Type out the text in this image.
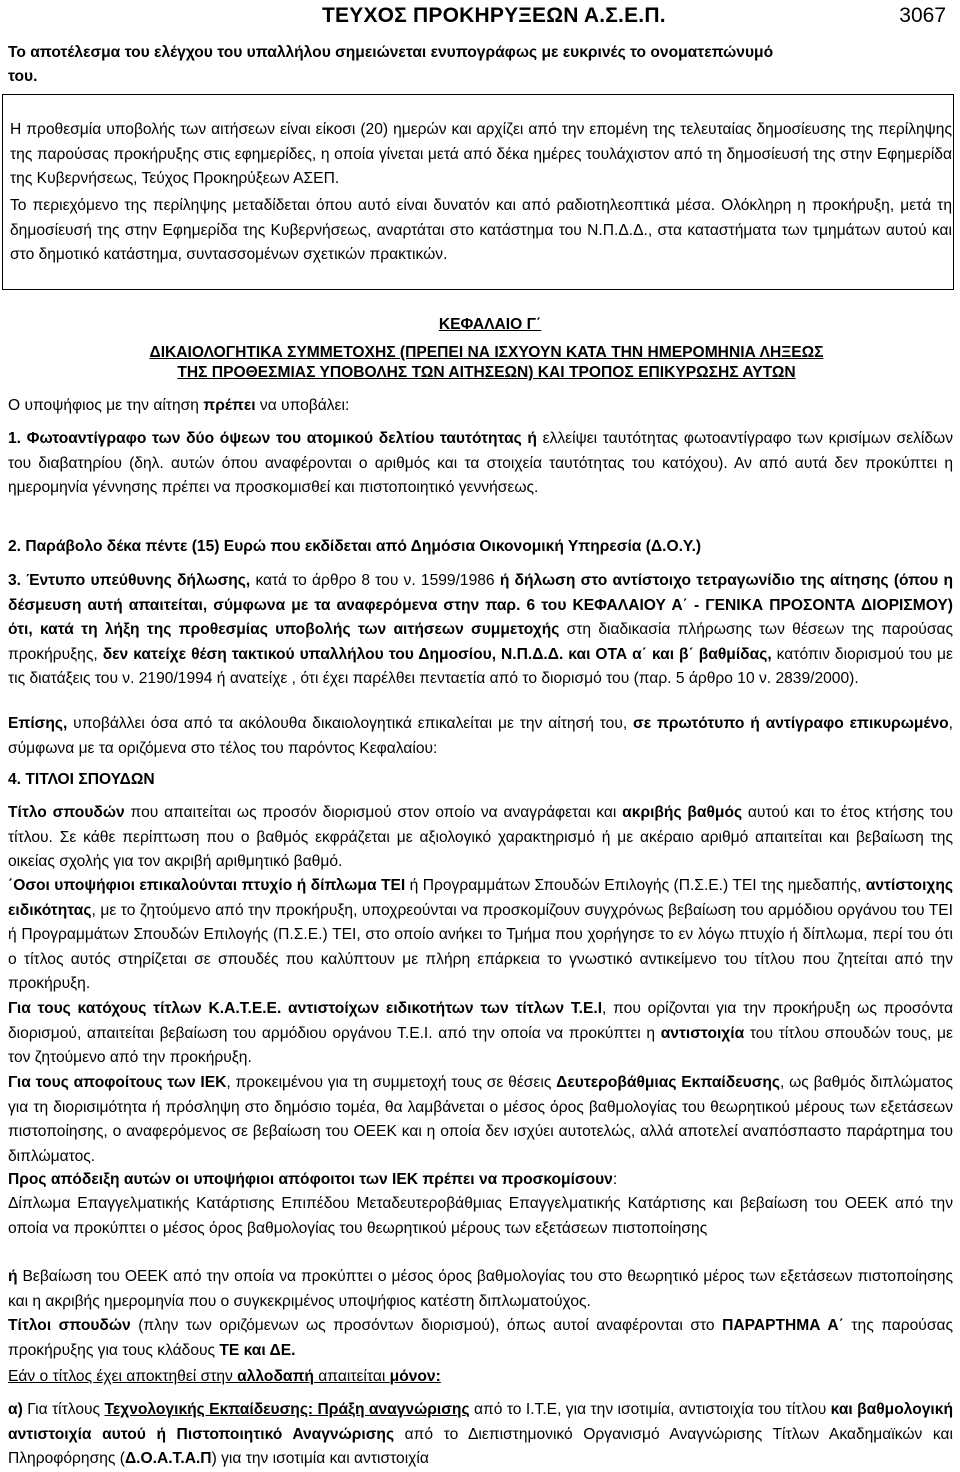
ΤΕΥΧΟΣ ΠΡΟΚΗΡΥΞΕΩΝ Α.Σ.Ε.Π.	3067

Το αποτέλεσμα του ελέγχου του υπαλλήλου σημειώνεται ενυπογράφως με ευκρινές το ονοματεπώνυμό
του.

Η προθεσμία υποβολής των αιτήσεων είναι είκοσι (20) ημερών και αρχίζει από την επομένη της τελευταίας δημοσίευσης της περίληψης της παρούσας προκήρυξης στις εφημερίδες, η οποία γίνεται μετά από δέκα ημέρες τουλάχιστον από τη δημοσίευσή της στην Εφημερίδα της Κυβερνήσεως, Τεύχος Προκηρύξεων ΑΣΕΠ.

Το περιεχόμενο της περίληψης μεταδίδεται όπου αυτό είναι δυνατόν και από ραδιοτηλεοπτικά μέσα. Ολόκληρη η προκήρυξη, μετά τη δημοσίευσή της στην Εφημερίδα της Κυβερνήσεως, αναρτάται στο κατάστημα του Ν.Π.Δ.Δ., στα καταστήματα των τμημάτων αυτού και στο δημοτικό κατάστημα, συντασσομένων σχετικών πρακτικών.

ΚΕΦΑΛΑΙΟ Γ΄

ΔΙΚΑΙΟΛΟΓΗΤΙΚΑ ΣΥΜΜΕΤΟΧΗΣ (ΠΡΕΠΕΙ ΝΑ ΙΣΧΥΟΥΝ ΚΑΤΑ ΤΗΝ ΗΜΕΡΟΜΗΝΙΑ ΛΗΞΕΩΣ
ΤΗΣ ΠΡΟΘΕΣΜΙΑΣ ΥΠΟΒΟΛΗΣ ΤΩΝ ΑΙΤΗΣΕΩΝ) ΚΑΙ ΤΡΟΠΟΣ ΕΠΙΚΥΡΩΣΗΣ ΑΥΤΩΝ

Ο υποψήφιος με την αίτηση πρέπει να υποβάλει:

1. Φωτοαντίγραφο των δύο όψεων του ατομικού δελτίου ταυτότητας ή ελλείψει ταυτότητας φωτοαντίγραφο των κρισίμων σελίδων του διαβατηρίου (δηλ. αυτών όπου αναφέρονται ο αριθμός και τα στοιχεία ταυτότητας του κατόχου). Αν από αυτά δεν προκύπτει η ημερομηνία γέννησης πρέπει να προσκομισθεί και πιστοποιητικό γεννήσεως.

2. Παράβολο δέκα πέντε (15) Ευρώ που εκδίδεται από Δημόσια Οικονομική Υπηρεσία (Δ.Ο.Υ.)

3. Έντυπο υπεύθυνης δήλωσης, κατά το άρθρο 8 του ν. 1599/1986 ή δήλωση στο αντίστοιχο τετραγωνίδιο της αίτησης (όπου η δέσμευση αυτή απαιτείται, σύμφωνα με τα αναφερόμενα στην παρ. 6 του ΚΕΦΑΛΑΙΟΥ Α΄ - ΓΕΝΙΚΑ ΠΡΟΣΟΝΤΑ ΔΙΟΡΙΣΜΟΥ) ότι, κατά τη λήξη της προθεσμίας υποβολής των αιτήσεων συμμετοχής στη διαδικασία πλήρωσης των θέσεων της παρούσας προκήρυξης, δεν κατείχε θέση τακτικού υπαλλήλου του Δημοσίου, Ν.Π.Δ.Δ. και ΟΤΑ α΄ και β΄ βαθμίδας, κατόπιν διορισμού του με τις διατάξεις του ν. 2190/1994 ή ανατείχε , ότι έχει παρέλθει πενταετία από το διορισμό του (παρ. 5 άρθρο 10 ν. 2839/2000).

Επίσης, υποβάλλει όσα από τα ακόλουθα δικαιολογητικά επικαλείται με την αίτησή του, σε πρωτότυπο ή αντίγραφο επικυρωμένο, σύμφωνα με τα οριζόμενα στο τέλος του παρόντος Κεφαλαίου:

4. ΤΙΤΛΟΙ ΣΠΟΥΔΩΝ

Τίτλο σπουδών που απαιτείται ως προσόν διορισμού στον οποίο να αναγράφεται και ακριβής βαθμός αυτού και το έτος κτήσης του τίτλου. Σε κάθε περίπτωση που ο βαθμός εκφράζεται με αξιολογικό χαρακτηρισμό ή με ακέραιο αριθμό απαιτείται και βεβαίωση της οικείας σχολής για τον ακριβή αριθμητικό βαθμό.

΄Οσοι υποψήφιοι επικαλούνται πτυχίο ή δίπλωμα ΤΕΙ ή Προγραμμάτων Σπουδών Επιλογής (Π.Σ.Ε.) ΤΕΙ της ημεδαπής, αντίστοιχης ειδικότητας, με το ζητούμενο από την προκήρυξη, υποχρεούνται να προσκομίζουν συγχρόνως βεβαίωση του αρμόδιου οργάνου του ΤΕΙ ή Προγραμμάτων Σπουδών Επιλογής (Π.Σ.Ε.) ΤΕΙ, στο οποίο ανήκει το Τμήμα που χορήγησε το εν λόγω πτυχίο ή δίπλωμα, περί του ότι ο τίτλος αυτός στηρίζεται σε σπουδές που καλύπτουν με πλήρη επάρκεια το γνωστικό αντικείμενο του τίτλου που ζητείται από την προκήρυξη.

Για τους κατόχους τίτλων Κ.Α.Τ.Ε.Ε. αντιστοίχων ειδικοτήτων των τίτλων Τ.Ε.Ι, που ορίζονται για την προκήρυξη ως προσόντα διορισμού, απαιτείται βεβαίωση του αρμόδιου οργάνου Τ.Ε.Ι. από την οποία να προκύπτει η αντιστοιχία του τίτλου σπουδών τους, με τον ζητούμενο από την προκήρυξη.

Για τους αποφοίτους των ΙΕΚ, προκειμένου για τη συμμετοχή τους σε θέσεις Δευτεροβάθμιας Εκπαίδευσης, ως βαθμός διπλώματος για τη διορισιμότητα ή πρόσληψη στο δημόσιο τομέα, θα λαμβάνεται ο μέσος όρος βαθμολογίας του θεωρητικού μέρους των εξετάσεων πιστοποίησης, ο αναφερόμενος σε βεβαίωση του ΟΕΕΚ και η οποία δεν ισχύει αυτοτελώς, αλλά αποτελεί αναπόσπαστο παράρτημα του διπλώματος.

Προς απόδειξη αυτών οι υποψήφιοι απόφοιτοι των ΙΕΚ πρέπει να προσκομίσουν:

Δίπλωμα Επαγγελματικής Κατάρτισης Επιπέδου Μεταδευτεροβάθμιας Επαγγελματικής Κατάρτισης και βεβαίωση του ΟΕΕΚ από την οποία να προκύπτει ο μέσος όρος βαθμολογίας του θεωρητικού μέρους των εξετάσεων πιστοποίησης

ή Βεβαίωση του ΟΕΕΚ από την οποία να προκύπτει ο μέσος όρος βαθμολογίας του στο θεωρητικό μέρος των εξετάσεων πιστοποίησης και η ακριβής ημερομηνία που ο συγκεκριμένος υποψήφιος κατέστη διπλωματούχος.

Τίτλοι σπουδών (πλην των οριζόμενων ως προσόντων διορισμού), όπως αυτοί αναφέρονται στο ΠΑΡΑΡΤΗΜΑ Α΄ της παρούσας προκήρυξης για τους κλάδους ΤΕ και ΔΕ.

Εάν ο τίτλος έχει αποκτηθεί στην αλλοδαπή απαιτείται μόνον:

α) Για τίτλους Τεχνολογικής Εκπαίδευσης: Πράξη αναγνώρισης από το Ι.Τ.Ε, για την ισοτιμία, αντιστοιχία του τίτλου και βαθμολογική αντιστοιχία αυτού ή Πιστοποιητικό Αναγνώρισης από το Διεπιστημονικό Οργανισμό Αναγνώρισης Τίτλων Ακαδημαϊκών και Πληροφόρησης (Δ.Ο.Α.Τ.Α.Π) για την ισοτιμία και αντιστοιχία
